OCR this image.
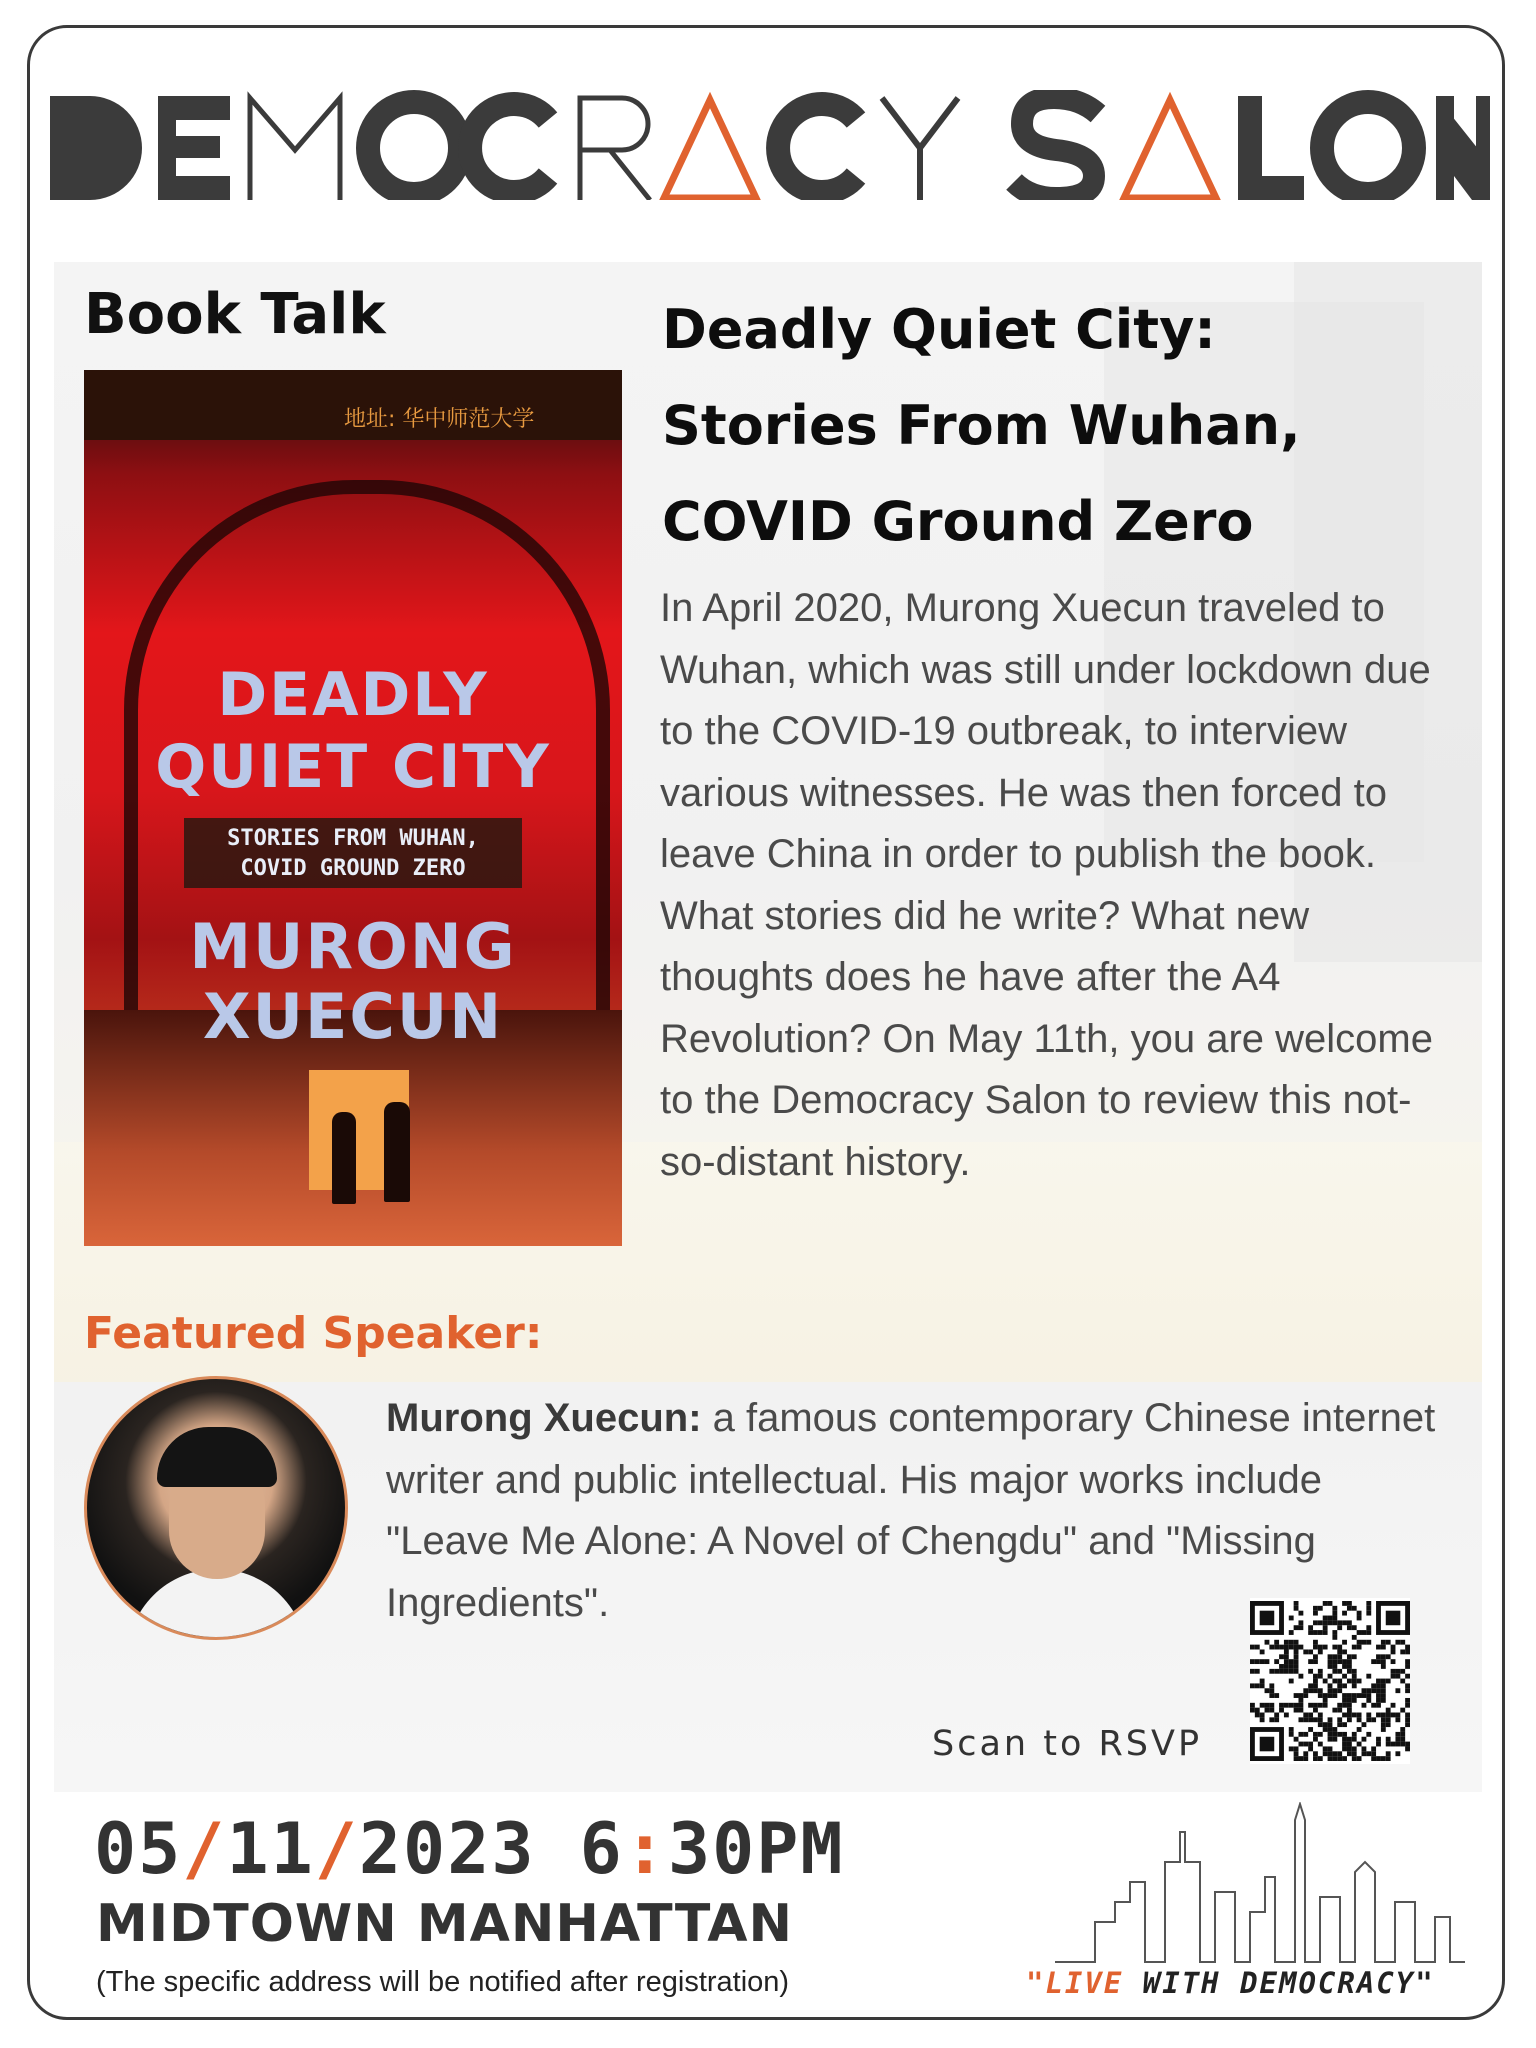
Book Talk	Deadly Quiet City:
Stories From Wuhan,
COVID Ground Zero
地址: 华中师范大学
DEADLY
QUIET CITY
STORIES FROM WUHAN,
COVID GROUND ZERO
MURONG
XUECUN
In April 2020, Murong Xuecun traveled to Wuhan, which was still under lockdown due to the COVID-19 outbreak, to interview various witnesses. He was then forced to leave China in order to publish the book. What stories did he write? What new thoughts does he have after the A4 Revolution? On May 11th, you are welcome to the Democracy Salon to review this not-so-distant history.
Featured Speaker:
Murong Xuecun: a famous contemporary Chinese internet writer and public intellectual. His major works include "Leave Me Alone: A Novel of Chengdu" and "Missing Ingredients".
Scan to RSVP
05/11/2023 6:30PM
MIDTOWN MANHATTAN
(The specific address will be notified after registration)	"LIVE WITH DEMOCRACY"
